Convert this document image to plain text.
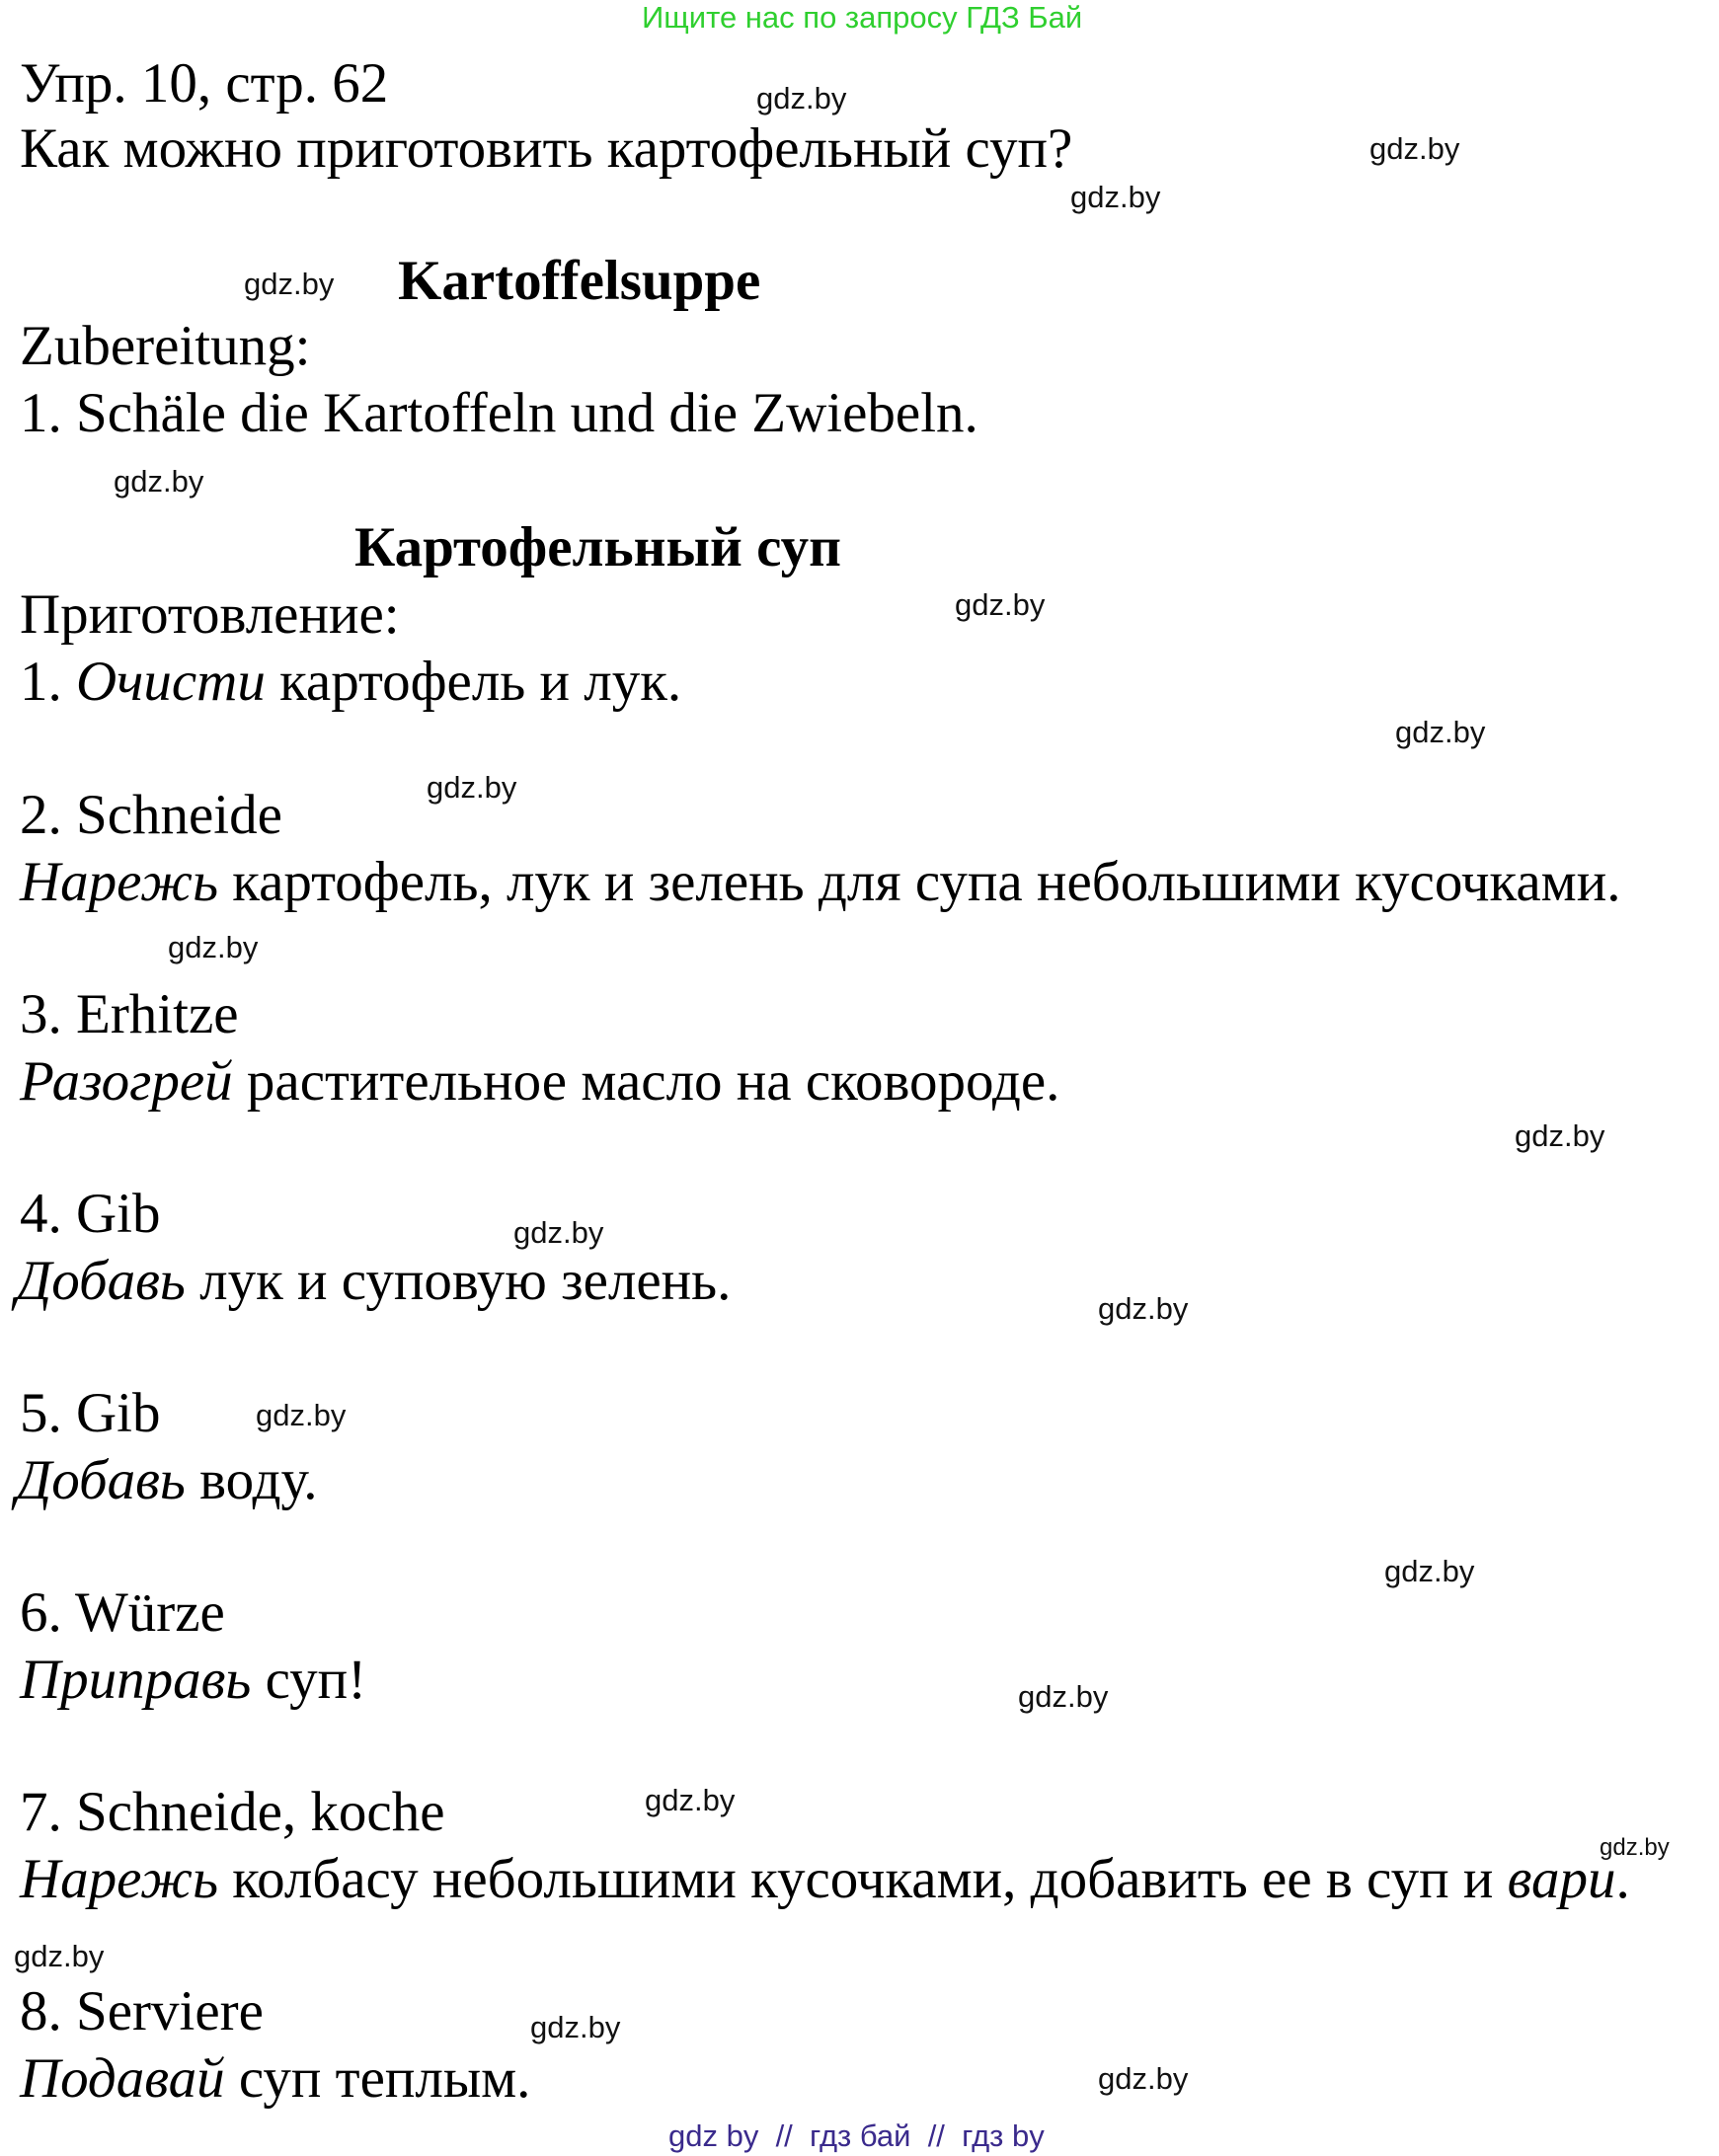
Ищите нас по запросу ГДЗ Бай
Упр. 10, стр. 62
Как можно приготовить картофельный суп?
Kartoffelsuppe
Zubereitung:
1. Schäle die Kartoffeln und die Zwiebeln.
Картофельный суп
Приготовление:
1. Очисти картофель и лук.
2. Schneide
Нарежь картофель, лук и зелень для супа небольшими кусочками.
3. Erhitze
Разогрей растительное масло на сковороде.
4. Gib
Добавь лук и суповую зелень.
5. Gib
Добавь воду.
6. Würze
Приправь суп!
7. Schneide, koche
Нарежь колбасу небольшими кусочками, добавить ее в суп и вари.
8. Serviere
Подавай суп теплым.
gdz.by
gdz.by
gdz.by
gdz.by
gdz.by
gdz.by
gdz.by
gdz.by
gdz.by
gdz.by
gdz.by
gdz.by
gdz.by
gdz.by
gdz.by
gdz.by
gdz.by
gdz.by
gdz.by
gdz.by
gdz by  //  гдз бай  //  гдз by
